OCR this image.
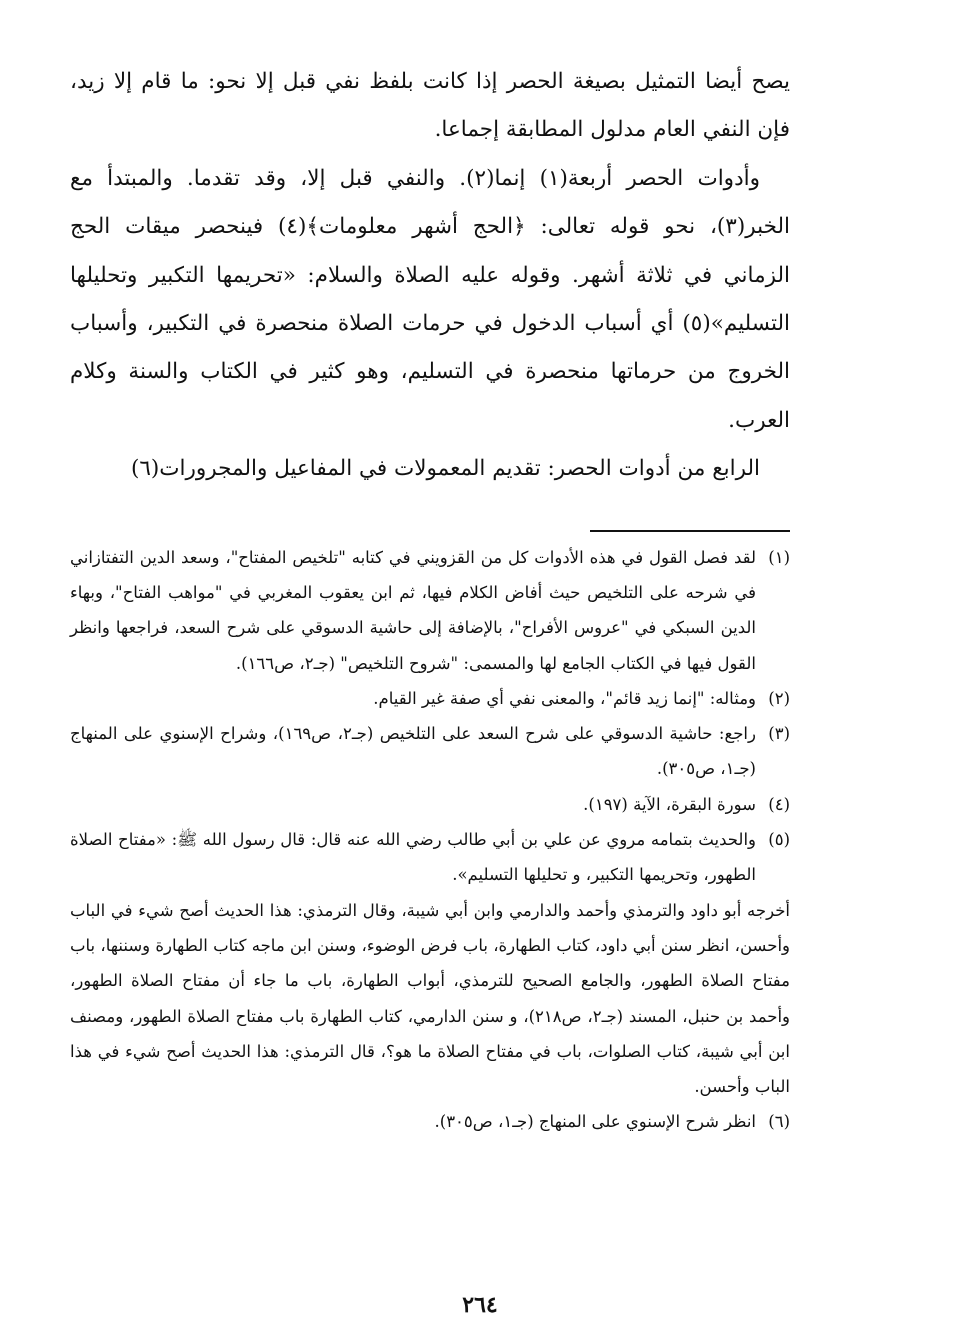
يصح أيضا التمثيل بصيغة الحصر إذا كانت بلفظ نفي قبل إلا نحو: ما قام إلا زيد، فإن النفي العام مدلول المطابقة إجماعا.

وأدوات الحصر أربعة(١) إنما(٢). والنفي قبل إلا، وقد تقدما. والمبتدأ مع الخبر(٣)، نحو قوله تعالى: ﴿الحج أشهر معلومات﴾(٤) فينحصر ميقات الحج الزماني في ثلاثة أشهر. وقوله عليه الصلاة والسلام: «تحريمها التكبير وتحليلها التسليم»(٥) أي أسباب الدخول في حرمات الصلاة منحصرة في التكبير، وأسباب الخروج من حرماتها منحصرة في التسليم، وهو كثير في الكتاب والسنة وكلام العرب.

الرابع من أدوات الحصر: تقديم المعمولات في المفاعيل والمجرورات(٦)

(١)
لقد فصل القول في هذه الأدوات كل من القزويني في كتابه "تلخيص المفتاح"، وسعد الدين التفتازاني في شرحه على التلخيص حيث أفاض الكلام فيها، ثم ابن يعقوب المغربي في "مواهب الفتاح"، وبهاء الدين السبكي في "عروس الأفراح"، بالإضافة إلى حاشية الدسوقي على شرح السعد، فراجعها وانظر القول فيها في الكتاب الجامع لها والمسمى: "شروح التلخيص" (جـ٢، ص١٦٦).
(٢)
ومثاله: "إنما زيد قائم"، والمعنى نفي أي صفة غير القيام.
(٣)
راجع: حاشية الدسوقي على شرح السعد على التلخيص (جـ٢، ص١٦٩)، وشراح الإسنوي على المنهاج (جـ١، ص٣٠٥).
(٤)
سورة البقرة، الآية (١٩٧).
(٥)
والحديث بتمامه مروي عن علي بن أبي طالب رضي الله عنه قال: قال رسول الله ﷺ: «مفتاح الصلاة الطهور، وتحريمها التكبير، و تحليلها التسليم».
أخرجه أبو داود والترمذي وأحمد والدارمي وابن أبي شيبة، وقال الترمذي: هذا الحديث أصح شيء في الباب وأحسن، انظر سنن أبي داود، كتاب الطهارة، باب فرض الوضوء، وسنن ابن ماجه كتاب الطهارة وسننها، باب مفتاح الصلاة الطهور، والجامع الصحيح للترمذي، أبواب الطهارة، باب ما جاء أن مفتاح الصلاة الطهور، وأحمد بن حنبل، المسند (جـ٢، ص٢١٨)، و سنن الدارمي، كتاب الطهارة باب مفتاح الصلاة الطهور، ومصنف ابن أبي شيبة، كتاب الصلوات، باب في مفتاح الصلاة ما هو؟، قال الترمذي: هذا الحديث أصح شيء في هذا الباب وأحسن.
(٦)
انظر شرح الإسنوي على المنهاج (جـ١، ص٣٠٥).
٢٦٤
